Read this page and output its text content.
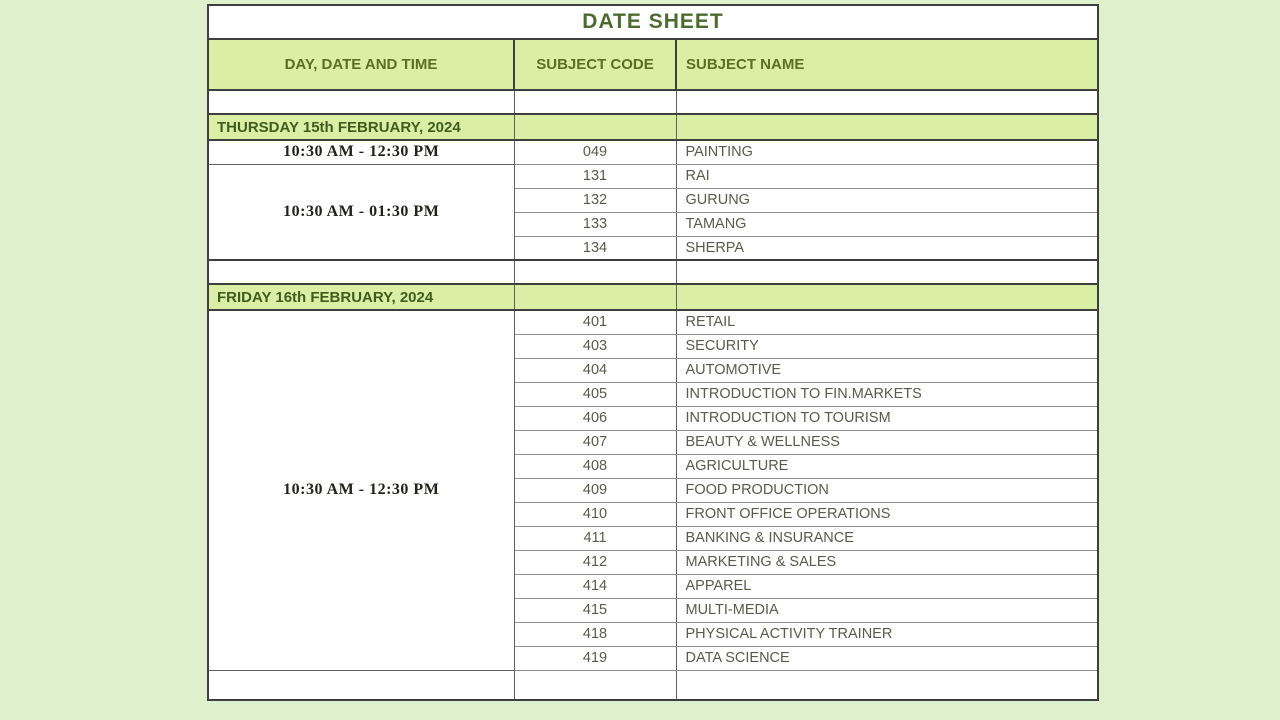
DATE SHEET		
DAY, DATE AND TIME	SUBJECT CODE	SUBJECT NAME

THURSDAY 15th FEBRUARY, 2024		
10:30 AM - 12:30 PM	049	PAINTING
10:30 AM - 01:30 PM	131	RAI
	132	GURUNG
	133	TAMANG
	134	SHERPA

FRIDAY 16th FEBRUARY, 2024		
10:30 AM - 12:30 PM	401	RETAIL
	403	SECURITY
	404	AUTOMOTIVE
	405	INTRODUCTION TO FIN.MARKETS
	406	INTRODUCTION TO TOURISM
	407	BEAUTY & WELLNESS
	408	AGRICULTURE
	409	FOOD PRODUCTION
	410	FRONT OFFICE OPERATIONS
	411	BANKING & INSURANCE
	412	MARKETING & SALES
	414	APPAREL
	415	MULTI-MEDIA
	418	PHYSICAL ACTIVITY TRAINER
	419	DATA SCIENCE
